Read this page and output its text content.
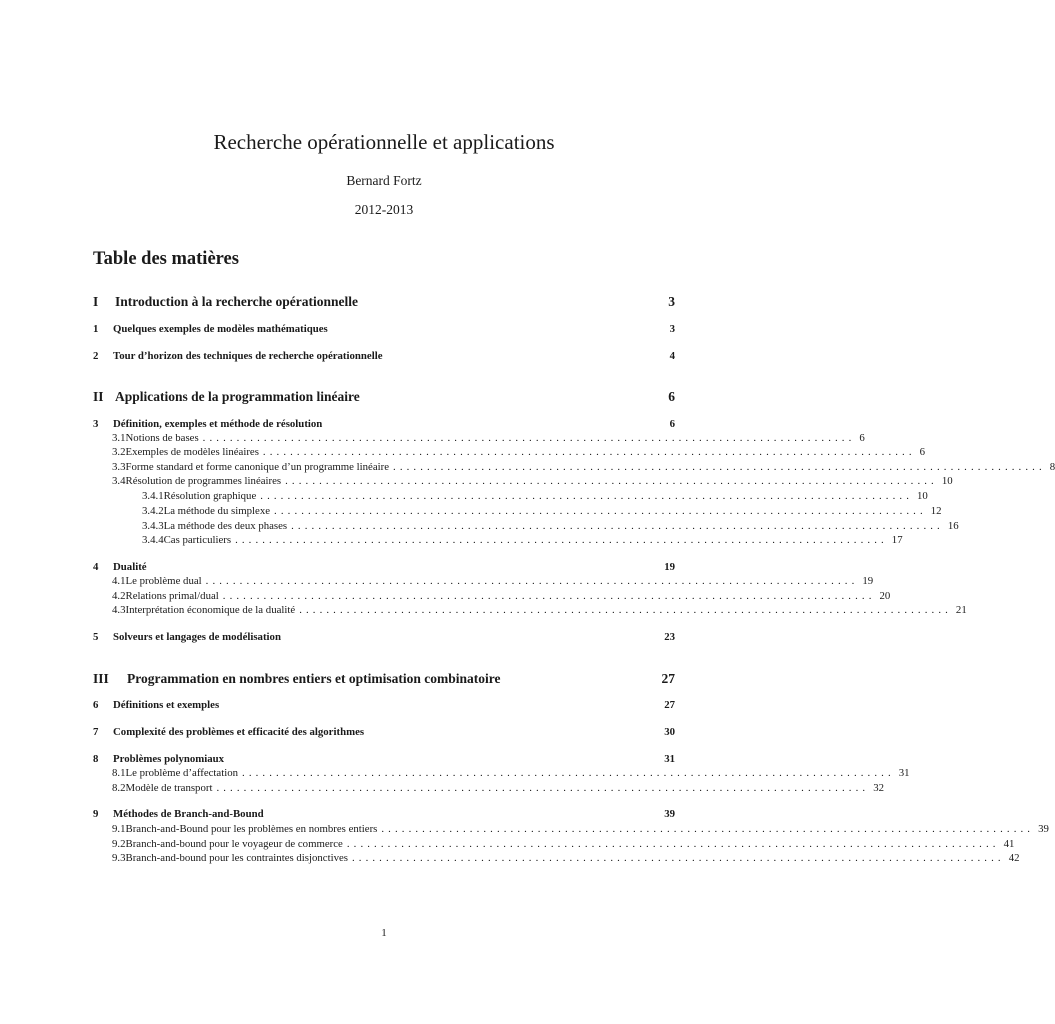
Recherche opérationnelle et applications
Bernard Fortz
2012-2013
Table des matières
I	Introduction à la recherche opérationnelle	3
1	Quelques exemples de modèles mathématiques	3
2	Tour d’horizon des techniques de recherche opérationnelle	4
II Applications de la programmation linéaire	6
3	Définition, exemples et méthode de résolution	6
3.1 Notions de bases ................................................................................................ 6
3.2 Exemples de modèles linéaires ................................................................................................ 6
3.3 Forme standard et forme canonique d’un programme linéaire ................................................................................................ 8
3.4 Résolution de programmes linéaires ................................................................................................ 10
3.4.1 Résolution graphique ................................................................................................ 10
3.4.2 La méthode du simplexe ................................................................................................ 12
3.4.3 La méthode des deux phases ................................................................................................ 16
3.4.4 Cas particuliers ................................................................................................ 17
4	Dualité	19
4.1 Le problème dual ................................................................................................ 19
4.2 Relations primal/dual ................................................................................................ 20
4.3 Interprétation économique de la dualité ................................................................................................ 21
5	Solveurs et langages de modélisation	23
III	Programmation en nombres entiers et optimisation combinatoire	27
6	Définitions et exemples	27
7	Complexité des problèmes et efficacité des algorithmes	30
8	Problèmes polynomiaux	31
8.1 Le problème d’affectation ................................................................................................ 31
8.2 Modèle de transport ................................................................................................ 32
9	Méthodes de Branch-and-Bound	39
9.1 Branch-and-Bound pour les problèmes en nombres entiers ................................................................................................ 39
9.2 Branch-and-bound pour le voyageur de commerce ................................................................................................ 41
9.3 Branch-and-bound pour les contraintes disjonctives ................................................................................................ 42
1
